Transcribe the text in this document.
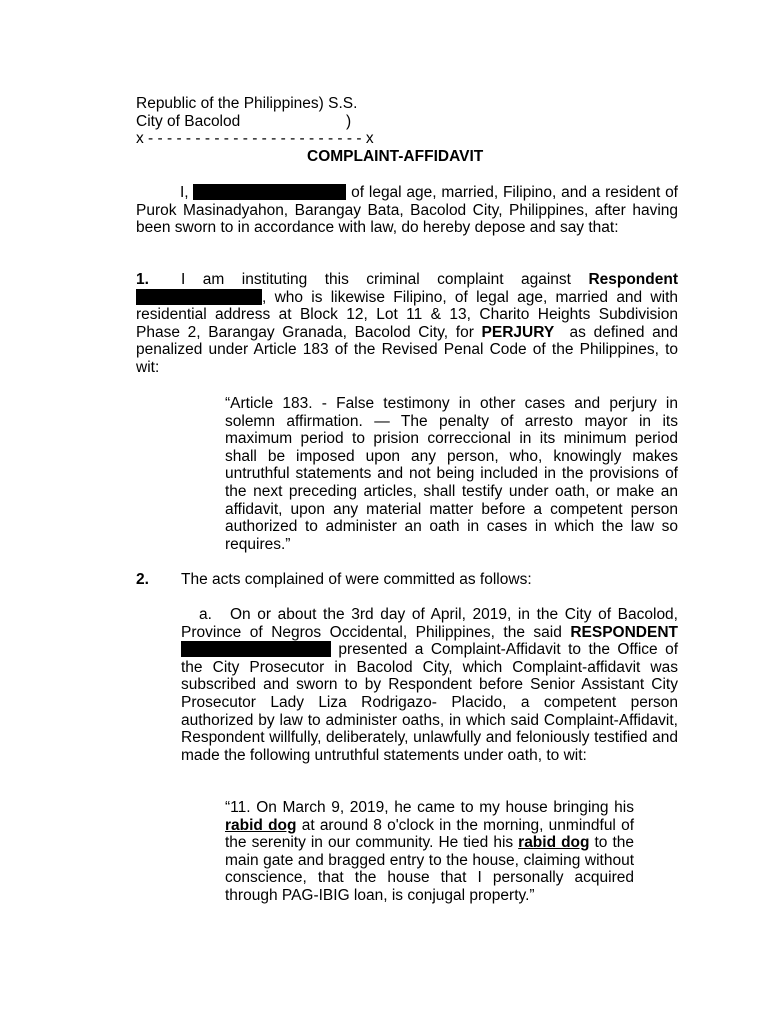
Republic of the Philippines) S.S.
City of Bacolod	)
x - - - - - - - - - - - - - - - - - - - - - - - x
COMPLAINT-AFFIDAVIT
I,	of legal age, married, Filipino, and a resident of Purok Masinadyahon, Barangay Bata, Bacolod City, Philippines, after having been sworn to in accordance with law, do hereby depose and say that:
1.	I am instituting this criminal complaint against Respondent , who is likewise Filipino, of legal age, married and with residential address at Block 12, Lot 11 & 13, Charito Heights Subdivision Phase 2, Barangay Granada, Bacolod City, for PERJURY  as defined and penalized under Article 183 of the Revised Penal Code of the Philippines, to wit:
“Article 183. - False testimony in other cases and perjury in solemn affirmation. — The penalty of arresto mayor in its maximum period to prision correccional in its minimum period shall be imposed upon any person, who, knowingly makes untruthful statements and not being included in the provisions of the next preceding articles, shall testify under oath, or make an affidavit, upon any material matter before a competent person authorized to administer an oath in cases in which the law so requires.”
2. The acts complained of were committed as follows:
a. On or about the 3rd day of April, 2019, in the City of Bacolod, Province of Negros Occidental, Philippines, the said RESPONDENT  presented a Complaint-Affidavit to the Office of the City Prosecutor in Bacolod City, which Complaint-affidavit was subscribed and sworn to by Respondent before Senior Assistant City Prosecutor Lady Liza Rodrigazo- Placido, a competent person authorized by law to administer oaths, in which said Complaint-Affidavit, Respondent willfully, deliberately, unlawfully and feloniously testified and made the following untruthful statements under oath, to wit:
“11. On March 9, 2019, he came to my house bringing his rabid dog at around 8 o'clock in the morning, unmindful of the serenity in our community. He tied his rabid dog to the main gate and bragged entry to the house, claiming without conscience, that the house that I personally acquired through PAG-IBIG loan, is conjugal property.”
